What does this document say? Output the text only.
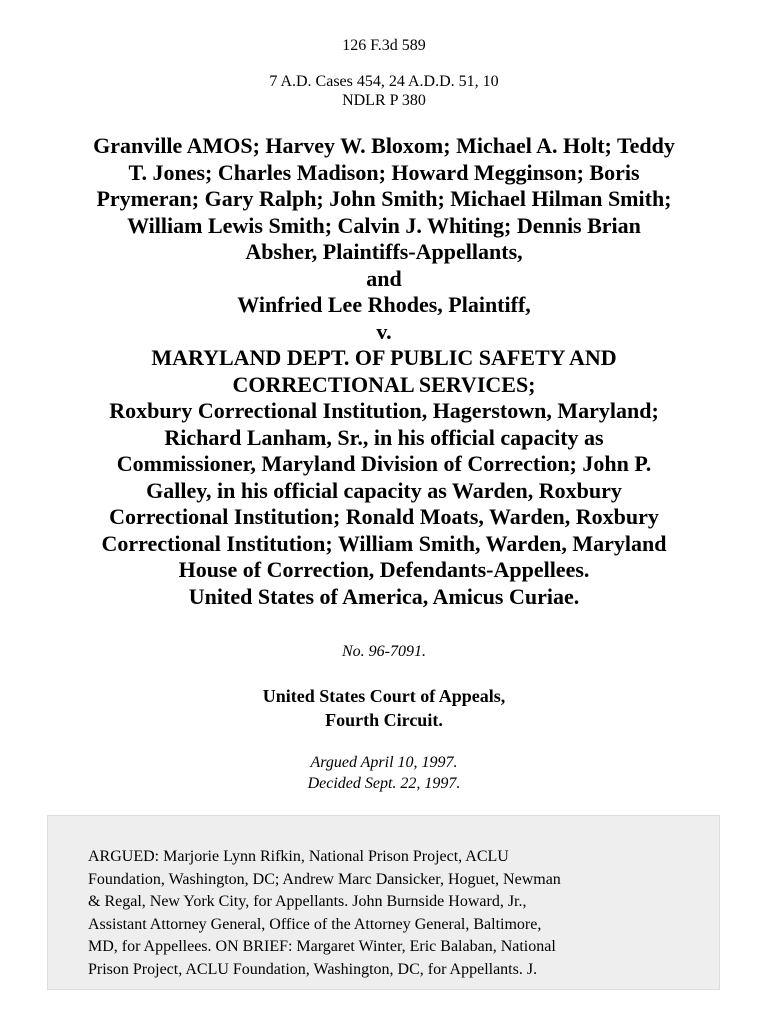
126 F.3d 589
7 A.D. Cases 454, 24 A.D.D. 51, 10
NDLR P 380
Granville AMOS; Harvey W. Bloxom; Michael A. Holt; Teddy
T. Jones; Charles Madison; Howard Megginson; Boris
Prymeran; Gary Ralph; John Smith; Michael Hilman Smith;
William Lewis Smith; Calvin J. Whiting; Dennis Brian
Absher, Plaintiffs-Appellants,
and
Winfried Lee Rhodes, Plaintiff,
v.
MARYLAND DEPT. OF PUBLIC SAFETY AND
CORRECTIONAL SERVICES;
Roxbury Correctional Institution, Hagerstown, Maryland;
Richard Lanham, Sr., in his official capacity as
Commissioner, Maryland Division of Correction; John P.
Galley, in his official capacity as Warden, Roxbury
Correctional Institution; Ronald Moats, Warden, Roxbury
Correctional Institution; William Smith, Warden, Maryland
House of Correction, Defendants-Appellees.
United States of America, Amicus Curiae.
No. 96-7091.
United States Court of Appeals,
Fourth Circuit.
Argued April 10, 1997.
Decided Sept. 22, 1997.
ARGUED: Marjorie Lynn Rifkin, National Prison Project, ACLU
Foundation, Washington, DC; Andrew Marc Dansicker, Hoguet, Newman
& Regal, New York City, for Appellants. John Burnside Howard, Jr.,
Assistant Attorney General, Office of the Attorney General, Baltimore,
MD, for Appellees. ON BRIEF: Margaret Winter, Eric Balaban, National
Prison Project, ACLU Foundation, Washington, DC, for Appellants. J.
